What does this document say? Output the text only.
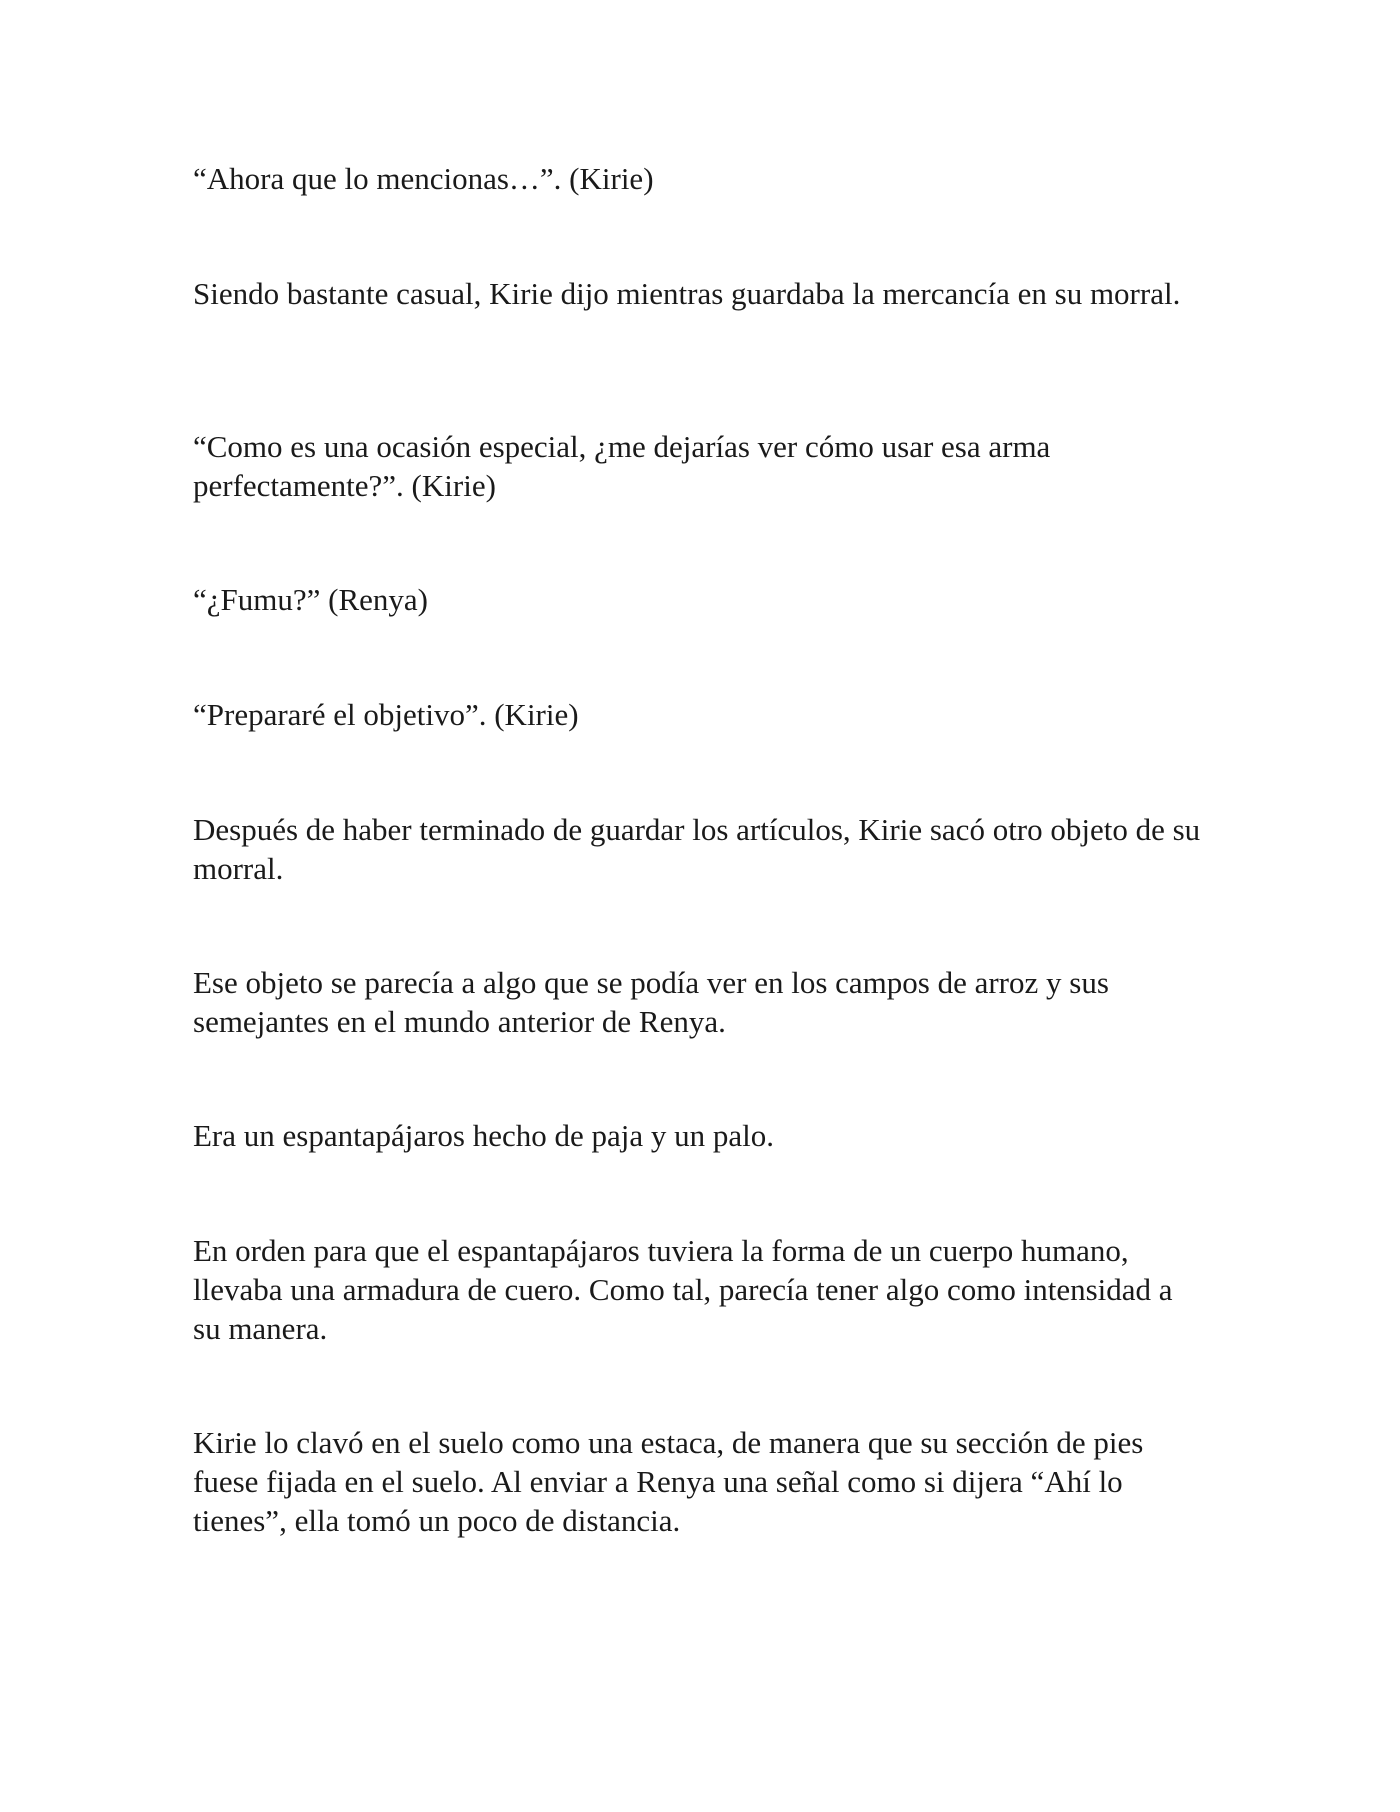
“Ahora que lo mencionas…”. (Kirie)

Siendo bastante casual, Kirie dijo mientras guardaba la mercancía en su morral.

“Como es una ocasión especial, ¿me dejarías ver cómo usar esa arma perfectamente?”. (Kirie)

“¿Fumu?” (Renya)

“Prepararé el objetivo”. (Kirie)

Después de haber terminado de guardar los artículos, Kirie sacó otro objeto de su morral.

Ese objeto se parecía a algo que se podía ver en los campos de arroz y sus semejantes en el mundo anterior de Renya.

Era un espantapájaros hecho de paja y un palo.

En orden para que el espantapájaros tuviera la forma de un cuerpo humano, llevaba una armadura de cuero. Como tal, parecía tener algo como intensidad a su manera.

Kirie lo clavó en el suelo como una estaca, de manera que su sección de pies fuese fijada en el suelo. Al enviar a Renya una señal como si dijera “Ahí lo tienes”, ella tomó un poco de distancia.
